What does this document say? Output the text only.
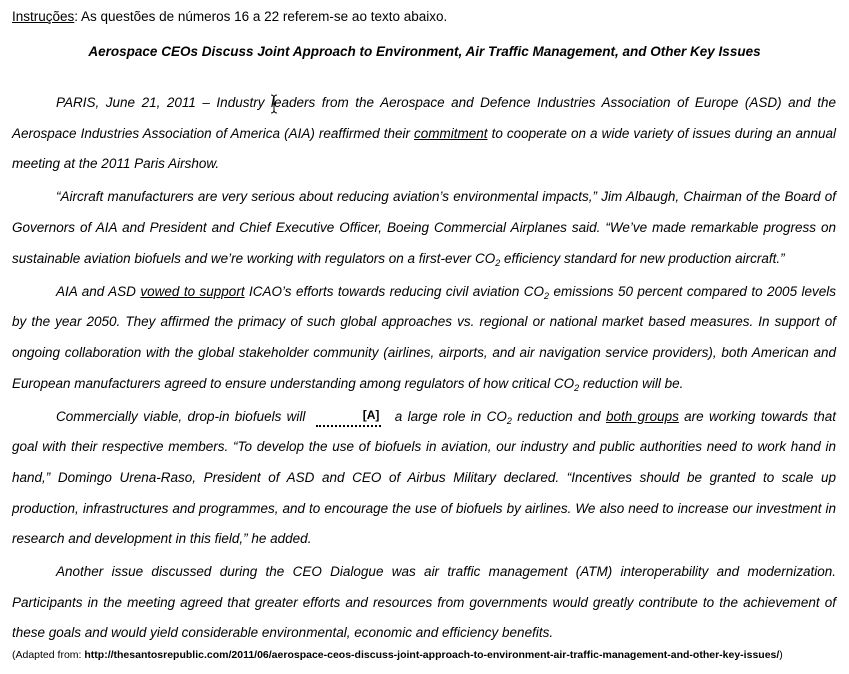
Instruções: As questões de números 16 a 22 referem-se ao texto abaixo.
Aerospace CEOs Discuss Joint Approach to Environment, Air Traffic Management, and Other Key Issues

PARIS, June 21, 2011 – Industry leaders from the Aerospace and Defence Industries Association of Europe (ASD) and the Aerospace Industries Association of America (AIA) reaffirmed their commitment to cooperate on a wide variety of issues during an annual meeting at the 2011 Paris Airshow.

“Aircraft manufacturers are very serious about reducing aviation’s environmental impacts,” Jim Albaugh, Chairman of the Board of Governors of AIA and President and Chief Executive Officer, Boeing Commercial Airplanes said. “We’ve made remarkable progress on sustainable aviation biofuels and we’re working with regulators on a first-ever $CO_2$ efficiency standard for new production aircraft.”

AIA and ASD vowed to support ICAO’s efforts towards reducing civil aviation $CO_2$ emissions 50 percent compared to 2005 levels by the year 2050. They affirmed the primacy of such global approaches vs. regional or national market based measures. In support of ongoing collaboration with the global stakeholder community (airlines, airports, and air navigation service providers), both American and European manufacturers agreed to ensure understanding among regulators of how critical $CO_2$ reduction will be.

Commercially viable, drop-in biofuels will	[A]
a large role in $CO_2$ reduction and both groups are working towards that goal with their respective members. “To develop the use of biofuels in aviation, our industry and public authorities need to work hand in hand,” Domingo Urena-Raso, President of ASD and CEO of Airbus Military declared. “Incentives should be granted to scale up production, infrastructures and programmes, and to encourage the use of biofuels by airlines. We also need to increase our investment in research and development in this field,” he added.

Another issue discussed during the CEO Dialogue was air traffic management (ATM) interoperability and modernization. Participants in the meeting agreed that greater efforts and resources from governments would greatly contribute to the achievement of these goals and would yield considerable environmental, economic and efficiency benefits.

(Adapted from: http://thesantosrepublic.com/2011/06/aerospace-ceos-discuss-joint-approach-to-environment-air-traffic-management-and-other-key-issues/)
